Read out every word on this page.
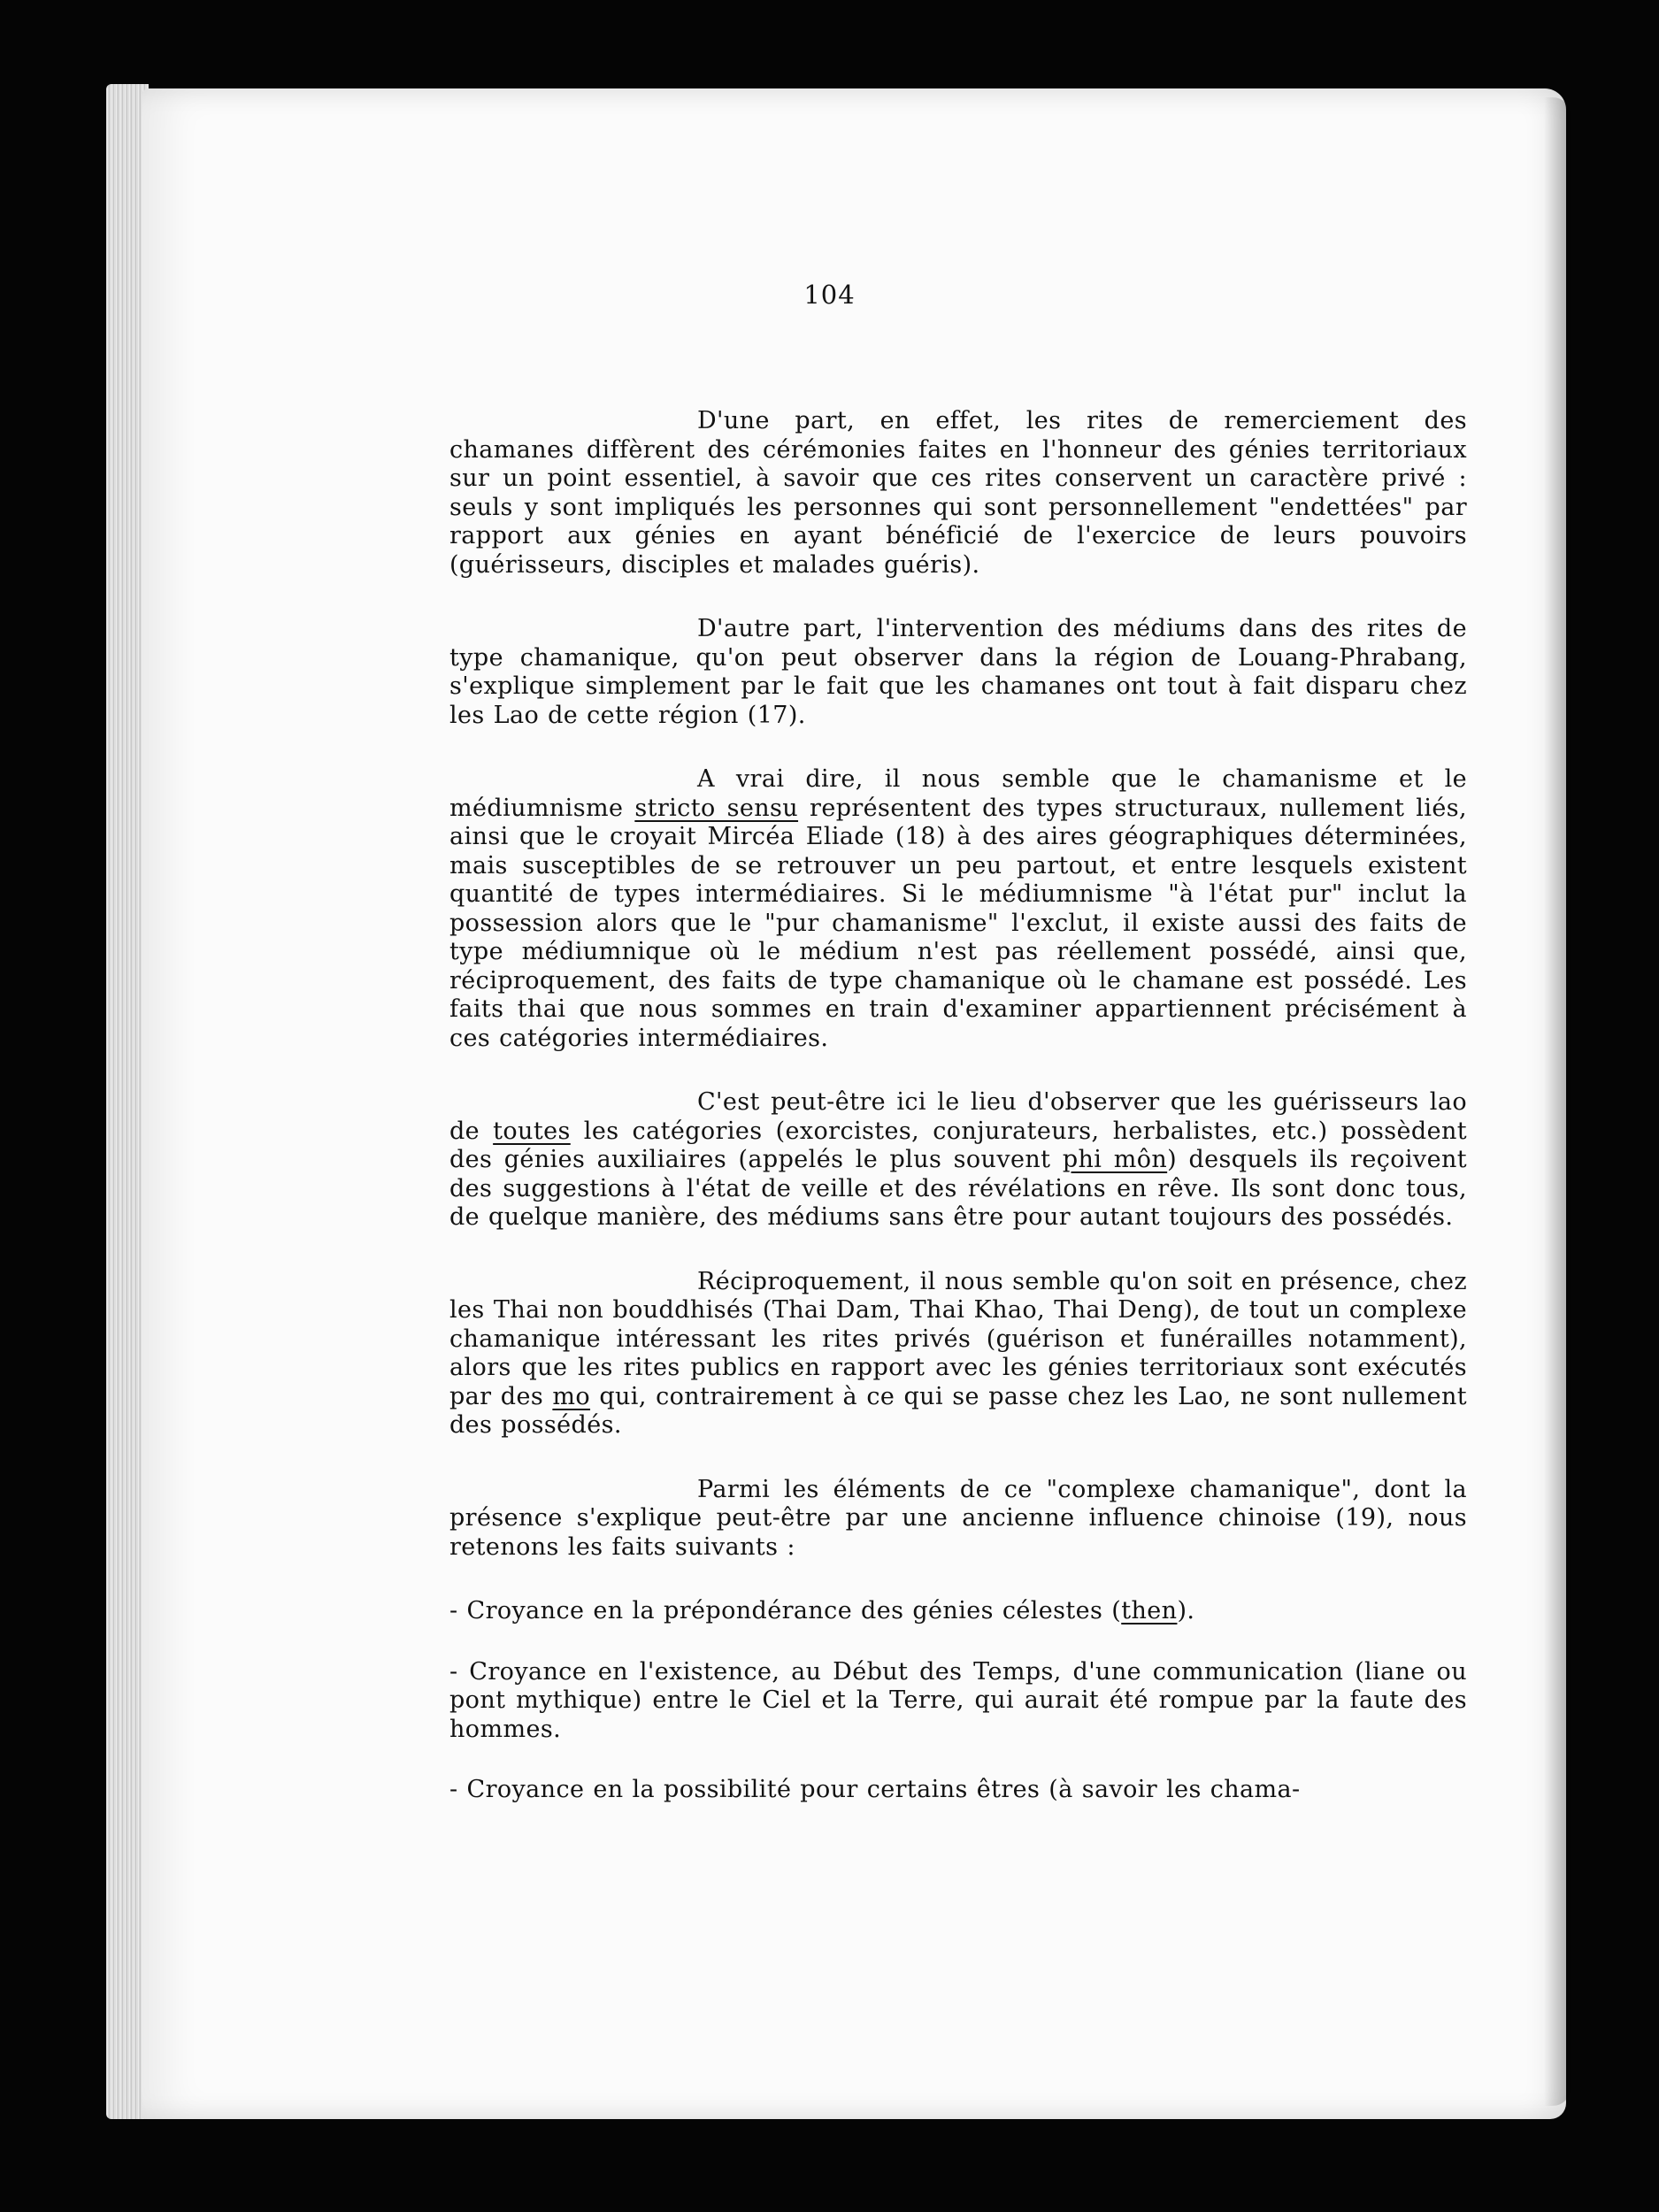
104

D'une part, en effet, les rites de remerciement des chamanes diffèrent des cérémonies faites en l'honneur des génies territoriaux sur un point essentiel, à savoir que ces rites conservent un caractère privé : seuls y sont impliqués les personnes qui sont personnellement "endettées" par rapport aux génies en ayant bénéficié de l'exercice de leurs pouvoirs (guérisseurs, disciples et malades guéris).

D'autre part, l'intervention des médiums dans des rites de type chamanique, qu'on peut observer dans la région de Louang-Phrabang, s'explique simplement par le fait que les chamanes ont tout à fait disparu chez les Lao de cette région (17).

A vrai dire, il nous semble que le chamanisme et le médiumnisme stricto sensu représentent des types structuraux, nullement liés, ainsi que le croyait Mircéa Eliade (18) à des aires géographiques déterminées, mais susceptibles de se retrouver un peu partout, et entre lesquels existent quantité de types intermédiaires. Si le médiumnisme "à l'état pur" inclut la possession alors que le "pur chamanisme" l'exclut, il existe aussi des faits de type médiumnique où le médium n'est pas réellement possédé, ainsi que, réciproquement, des faits de type chamanique où le chamane est possédé. Les faits thai que nous sommes en train d'examiner appartiennent précisément à ces catégories intermédiaires.

C'est peut-être ici le lieu d'observer que les guérisseurs lao de toutes les catégories (exorcistes, conjurateurs, herbalistes, etc.) possèdent des génies auxiliaires (appelés le plus souvent phi môn) desquels ils reçoivent des suggestions à l'état de veille et des révélations en rêve. Ils sont donc tous, de quelque manière, des médiums sans être pour autant toujours des possédés.

Réciproquement, il nous semble qu'on soit en présence, chez les Thai non bouddhisés (Thai Dam, Thai Khao, Thai Deng), de tout un complexe chamanique intéressant les rites privés (guérison et funérailles notamment), alors que les rites publics en rapport avec les génies territoriaux sont exécutés par des mo qui, contrairement à ce qui se passe chez les Lao, ne sont nullement des possédés.

Parmi les éléments de ce "complexe chamanique", dont la présence s'explique peut-être par une ancienne influence chinoise (19), nous retenons les faits suivants :

- Croyance en la prépondérance des génies célestes (then).

- Croyance en l'existence, au Début des Temps, d'une communication (liane ou pont mythique) entre le Ciel et la Terre, qui aurait été rompue par la faute des hommes.

- Croyance en la possibilité pour certains êtres (à savoir les chama-
